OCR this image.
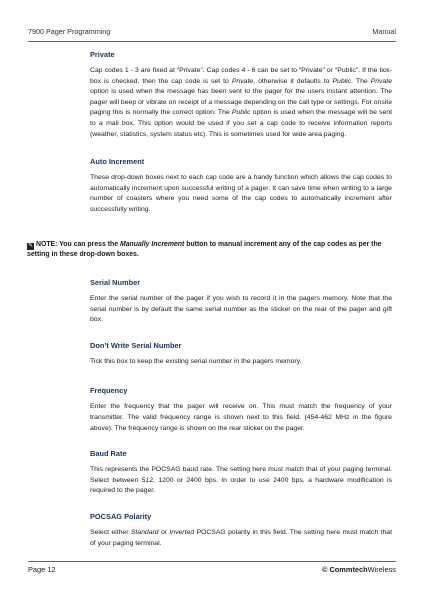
7900 Pager Programming	Manual

Private

Cap codes 1 - 3 are fixed at “Private”. Cap codes 4 - 6 can be set to “Private” or “Public”. If the tick-box is checked, then the cap code is set to Private, otherwise it defaults to Public. The Private option is used when the message has been sent to the pager for the users instant attention. The pager will beep or vibrate on receipt of a message depending on the call type or settings. For onsite paging this is normally the correct option. The Public option is used when the message will be sent to a mail box. This option would be used if you set a cap code to receive information reports (weather, statistics, system status etc). This is sometimes used for wide area paging.

Auto Increment

These drop-down boxes next to each cap code are a handy function which allows the cap codes to automatically increment upon successful writing of a pager. It can save time when writing to a large number of coasters where you need some of the cap codes to automatically increment after successfully writing.

✎ NOTE: You can press the Manually Increment button to manual increment any of the cap codes as per the setting in these drop-down boxes.

Serial Number

Enter the serial number of the pager if you wish to record it in the pagers memory. Note that the serial number is by default the same serial number as the sticker on the rear of the pager and gift box.

Don’t Write Serial Number

Tick this box to keep the existing serial number in the pagers memory.

Frequency

Enter the frequency that the pager will receive on. This must match the frequency of your transmitter. The valid frequency range is shown next to this field. (454-462 MHz in the figure above). The frequency range is shown on the rear sticker on the pager.

Baud Rate

This represents the POCSAG baud rate. The setting here must match that of your paging terminal. Select between 512, 1200 or 2400 bps. In order to use 2400 bps, a hardware modification is required to the pager.

POCSAG Polarity

Select either Standard or Inverted POCSAG polarity in this field. The setting here must match that of your paging terminal.

Page 12	© CommtechWireless
